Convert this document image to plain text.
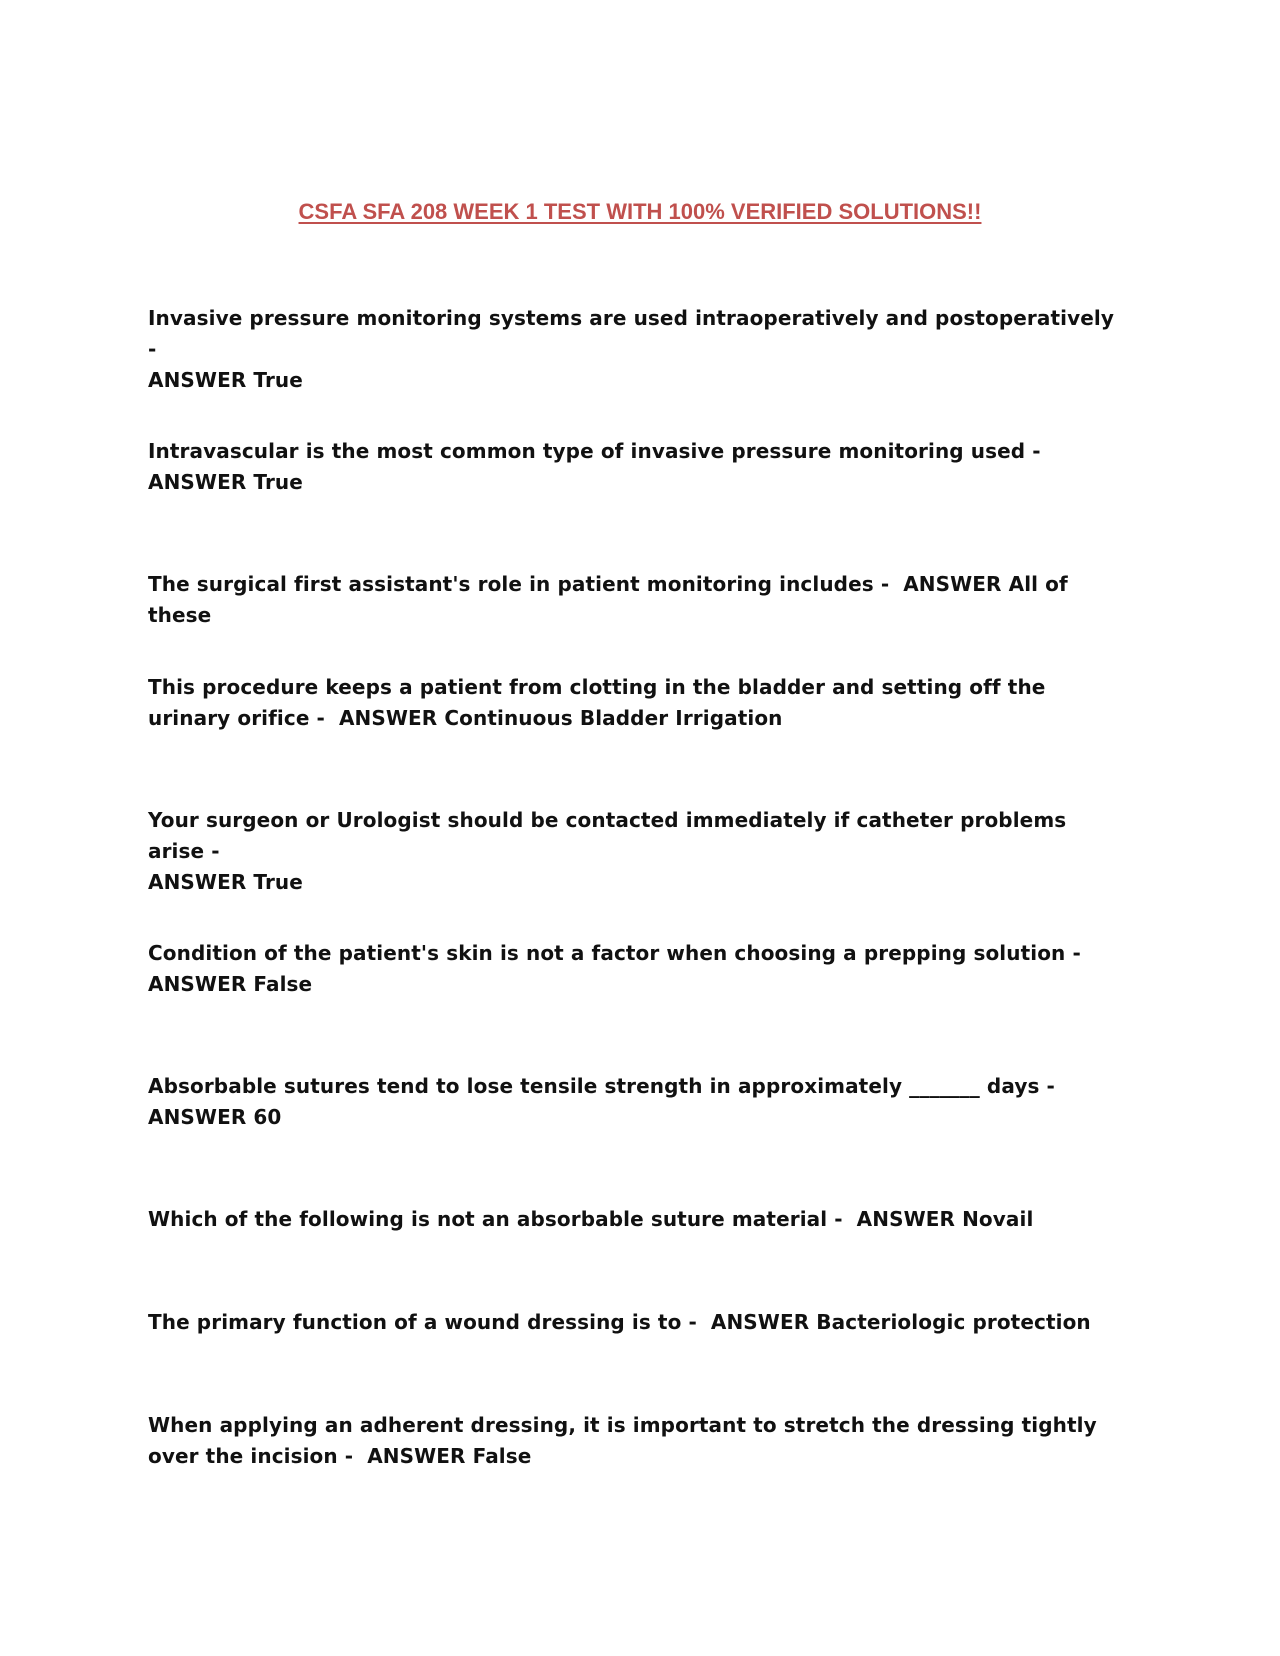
CSFA SFA 208 WEEK 1 TEST WITH 100% VERIFIED SOLUTIONS!!

Invasive pressure monitoring systems are used intraoperatively and postoperatively -
ANSWER True

Intravascular is the most common type of invasive pressure monitoring used -
ANSWER True

The surgical first assistant's role in patient monitoring includes - ANSWER All of these

This procedure keeps a patient from clotting in the bladder and setting off the urinary orifice - ANSWER Continuous Bladder Irrigation

Your surgeon or Urologist should be contacted immediately if catheter problems arise -
ANSWER True

Condition of the patient's skin is not a factor when choosing a prepping solution -
ANSWER False

Absorbable sutures tend to lose tensile strength in approximately _______ days -
ANSWER 60

Which of the following is not an absorbable suture material - ANSWER Novail

The primary function of a wound dressing is to - ANSWER Bacteriologic protection

When applying an adherent dressing, it is important to stretch the dressing tightly over the incision - ANSWER False
